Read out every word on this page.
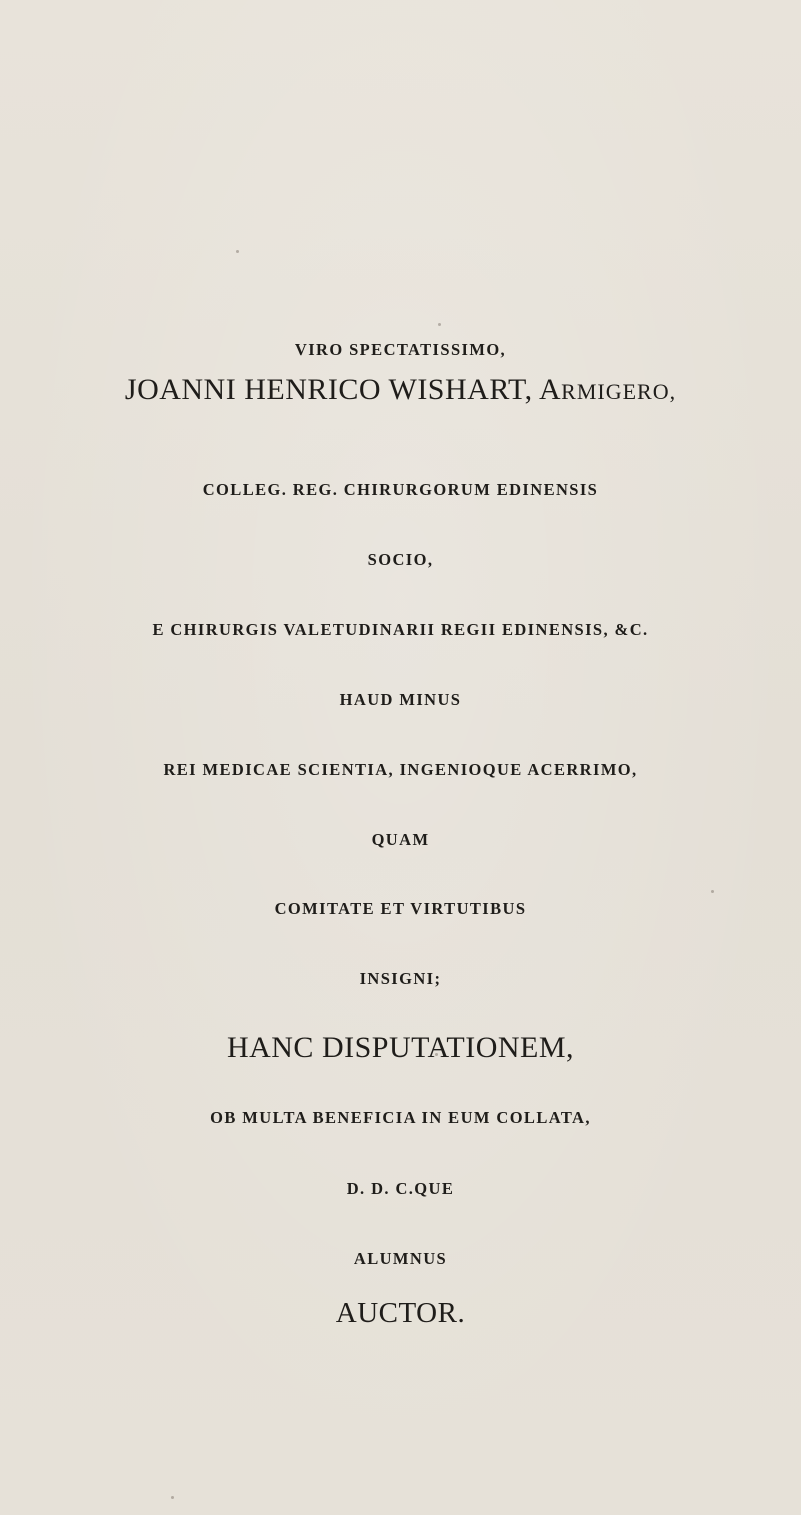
VIRO SPECTATISSIMO,
JOANNI HENRICO WISHART, ARMIGERO,
COLLEG. REG. CHIRURGORUM EDINENSIS
SOCIO,
E CHIRURGIS VALETUDINARII REGII EDINENSIS, &C.
HAUD MINUS
REI MEDICAE SCIENTIA, INGENIOQUE ACERRIMO,
QUAM
COMITATE ET VIRTUTIBUS
INSIGNI;
HANC DISPUTATIONEM,
OB MULTA BENEFICIA IN EUM COLLATA,
D. D. C.QUE
ALUMNUS
AUCTOR.
